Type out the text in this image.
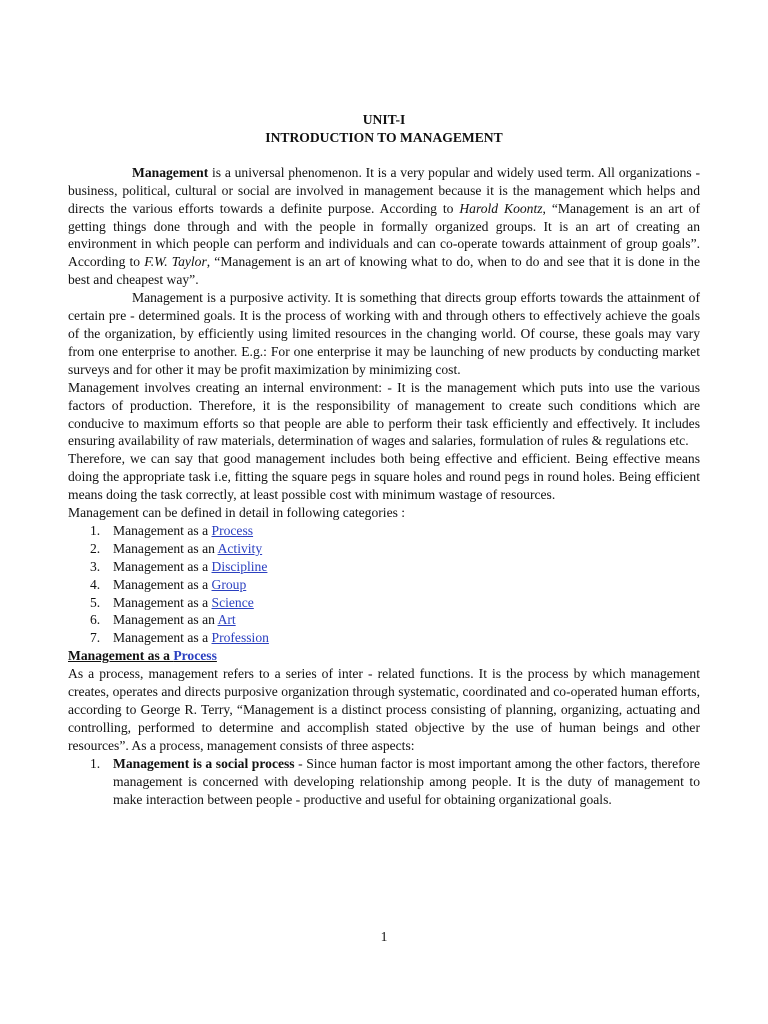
UNIT-I

INTRODUCTION TO MANAGEMENT

Management is a universal phenomenon. It is a very popular and widely used term. All organizations - business, political, cultural or social are involved in management because it is the management which helps and directs the various efforts towards a definite purpose. According to Harold Koontz, “Management is an art of getting things done through and with the people in formally organized groups. It is an art of creating an environment in which people can perform and individuals and can co-operate towards attainment of group goals”. According to F.W. Taylor, “Management is an art of knowing what to do, when to do and see that it is done in the best and cheapest way”.

Management is a purposive activity. It is something that directs group efforts towards the attainment of certain pre - determined goals. It is the process of working with and through others to effectively achieve the goals of the organization, by efficiently using limited resources in the changing world. Of course, these goals may vary from one enterprise to another. E.g.: For one enterprise it may be launching of new products by conducting market surveys and for other it may be profit maximization by minimizing cost.

Management involves creating an internal environment: - It is the management which puts into use the various factors of production. Therefore, it is the responsibility of management to create such conditions which are conducive to maximum efforts so that people are able to perform their task efficiently and effectively. It includes ensuring availability of raw materials, determination of wages and salaries, formulation of rules & regulations etc.

Therefore, we can say that good management includes both being effective and efficient. Being effective means doing the appropriate task i.e, fitting the square pegs in square holes and round pegs in round holes. Being efficient means doing the task correctly, at least possible cost with minimum wastage of resources.

Management can be defined in detail in following categories :

1. Management as a Process
2. Management as an Activity
3. Management as a Discipline
4. Management as a Group
5. Management as a Science
6. Management as an Art
7. Management as a Profession

Management as a Process

As a process, management refers to a series of inter - related functions. It is the process by which management creates, operates and directs purposive organization through systematic, coordinated and co-operated human efforts, according to George R. Terry, “Management is a distinct process consisting of planning, organizing, actuating and controlling, performed to determine and accomplish stated objective by the use of human beings and other resources”. As a process, management consists of three aspects:

1. Management is a social process - Since human factor is most important among the other factors, therefore management is concerned with developing relationship among people. It is the duty of management to make interaction between people - productive and useful for obtaining organizational goals.
1
